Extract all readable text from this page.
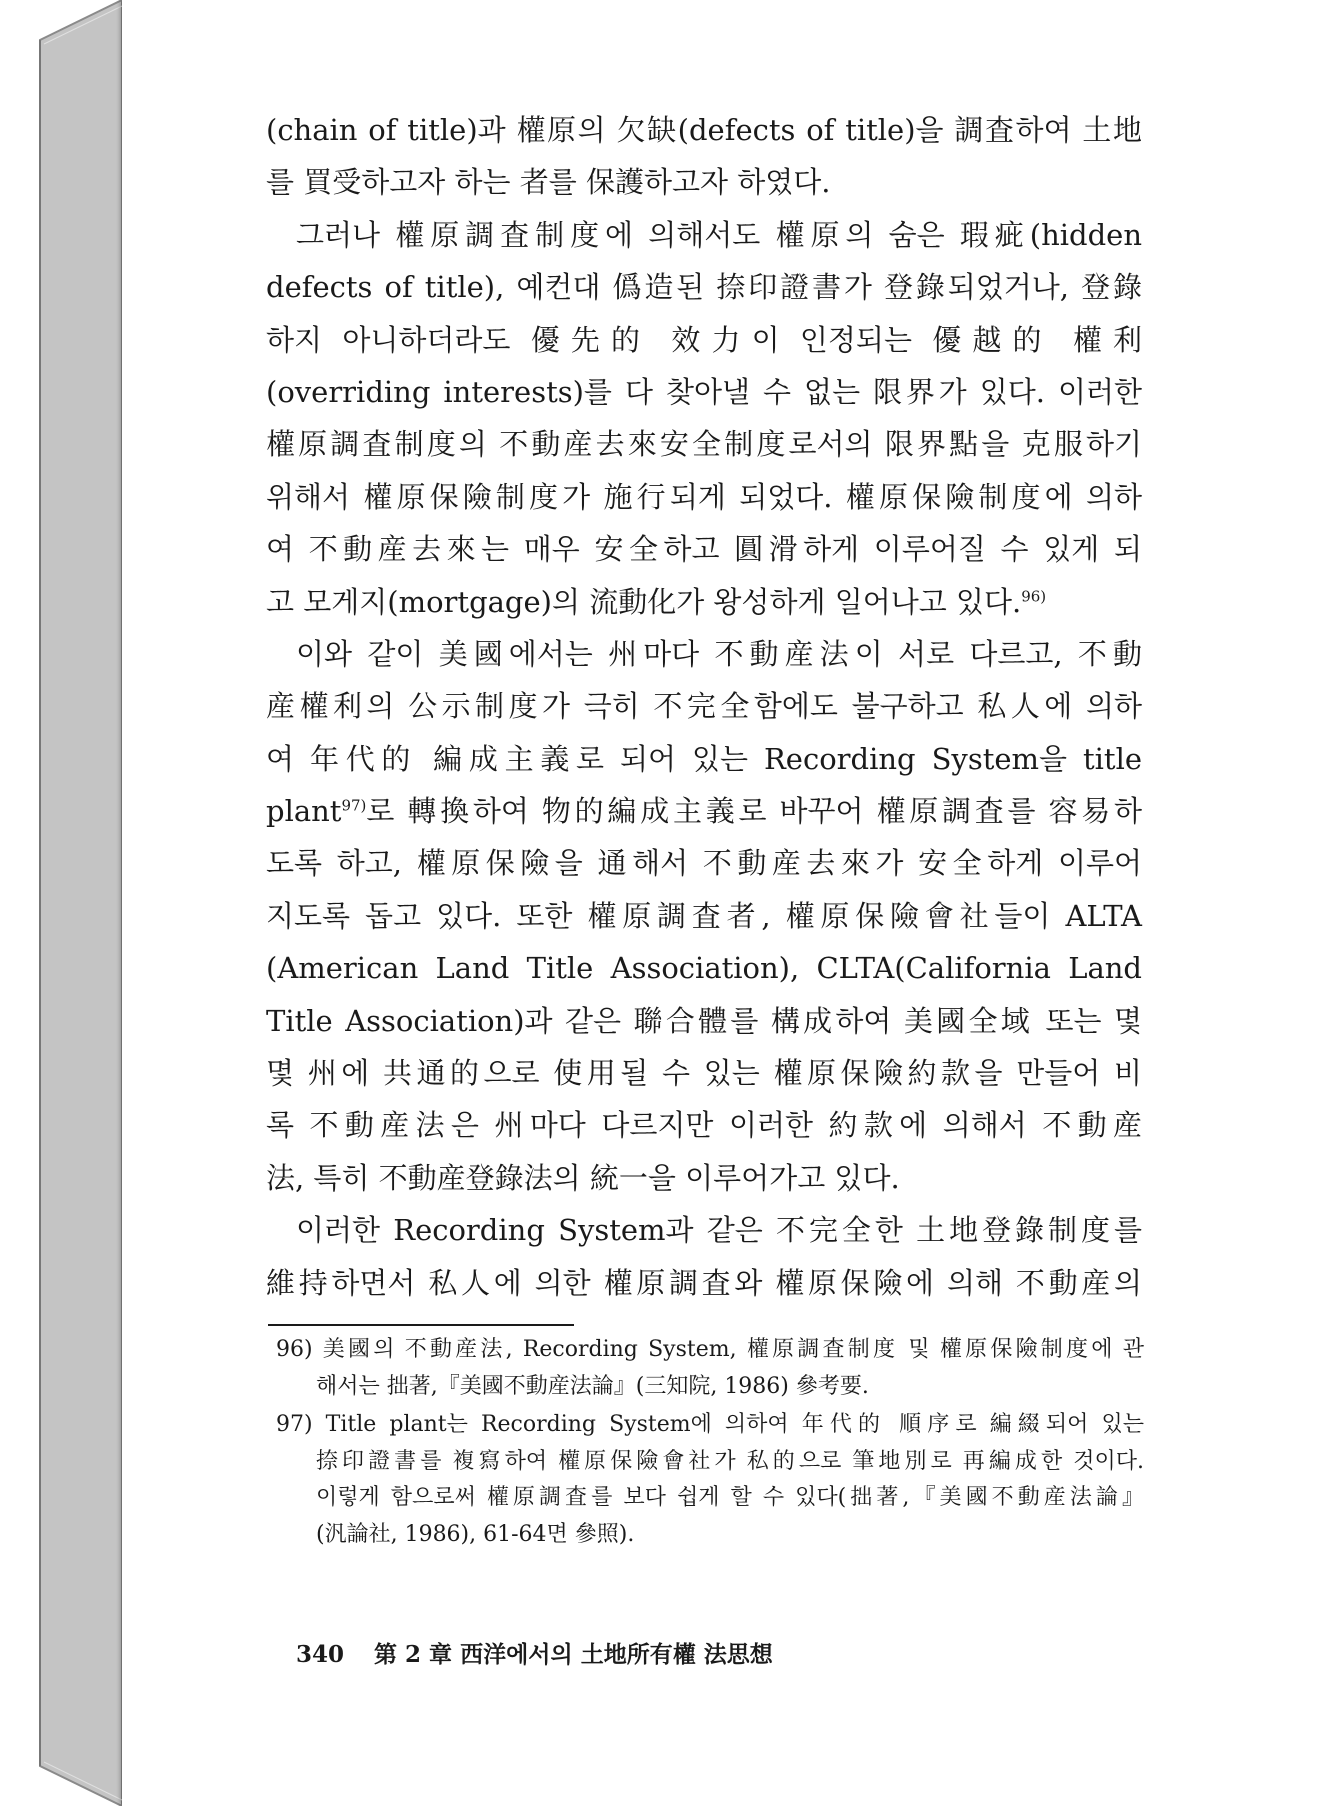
(chain of title)과 權原의 欠缺(defects of title)을 調査하여 土地
를 買受하고자 하는 者를 保護하고자 하였다.
그러나 權原調査制度에 의해서도 權原의 숨은 瑕疵(hidden
defects of title), 예컨대 僞造된 捺印證書가 登錄되었거나, 登錄
하지 아니하더라도 優先的 效力이 인정되는 優越的 權利
(overriding interests)를 다 찾아낼 수 없는 限界가 있다. 이러한
權原調査制度의 不動産去來安全制度로서의 限界點을 克服하기
위해서 權原保險制度가 施行되게 되었다. 權原保險制度에 의하
여 不動産去來는 매우 安全하고 圓滑하게 이루어질 수 있게 되
고 모게지(mortgage)의 流動化가 왕성하게 일어나고 있다.$^{96)}$
이와 같이 美國에서는 州마다 不動産法이 서로 다르고, 不動
産權利의 公示制度가 극히 不完全함에도 불구하고 私人에 의하
여 年代的 編成主義로 되어 있는 Recording System을 title
plant$^{97)}$로 轉換하여 物的編成主義로 바꾸어 權原調査를 容易하
도록 하고, 權原保險을 通해서 不動産去來가 安全하게 이루어
지도록 돕고 있다. 또한 權原調査者, 權原保險會社들이 ALTA
(American Land Title Association), CLTA(California Land
Title Association)과 같은 聯合體를 構成하여 美國全域 또는 몇
몇 州에 共通的으로 使用될 수 있는 權原保險約款을 만들어 비
록 不動産法은 州마다 다르지만 이러한 約款에 의해서 不動産
法, 특히 不動産登錄法의 統一을 이루어가고 있다.
이러한 Recording System과 같은 不完全한 土地登錄制度를
維持하면서 私人에 의한 權原調査와 權原保險에 의해 不動産의
96) 美國의 不動産法, Recording System, 權原調査制度 및 權原保險制度에 관
해서는 拙著,『美國不動産法論』(三知院, 1986) 參考要.
97) Title plant는 Recording System에 의하여 年代的 順序로 編綴되어 있는
捺印證書를 複寫하여 權原保險會社가 私的으로 筆地別로 再編成한 것이다.
이렇게 함으로써 權原調査를 보다 쉽게 할 수 있다(拙著,『美國不動産法論』
(汎論社, 1986), 61-64면 參照).
340 第 2 章 西洋에서의 土地所有權 法思想
